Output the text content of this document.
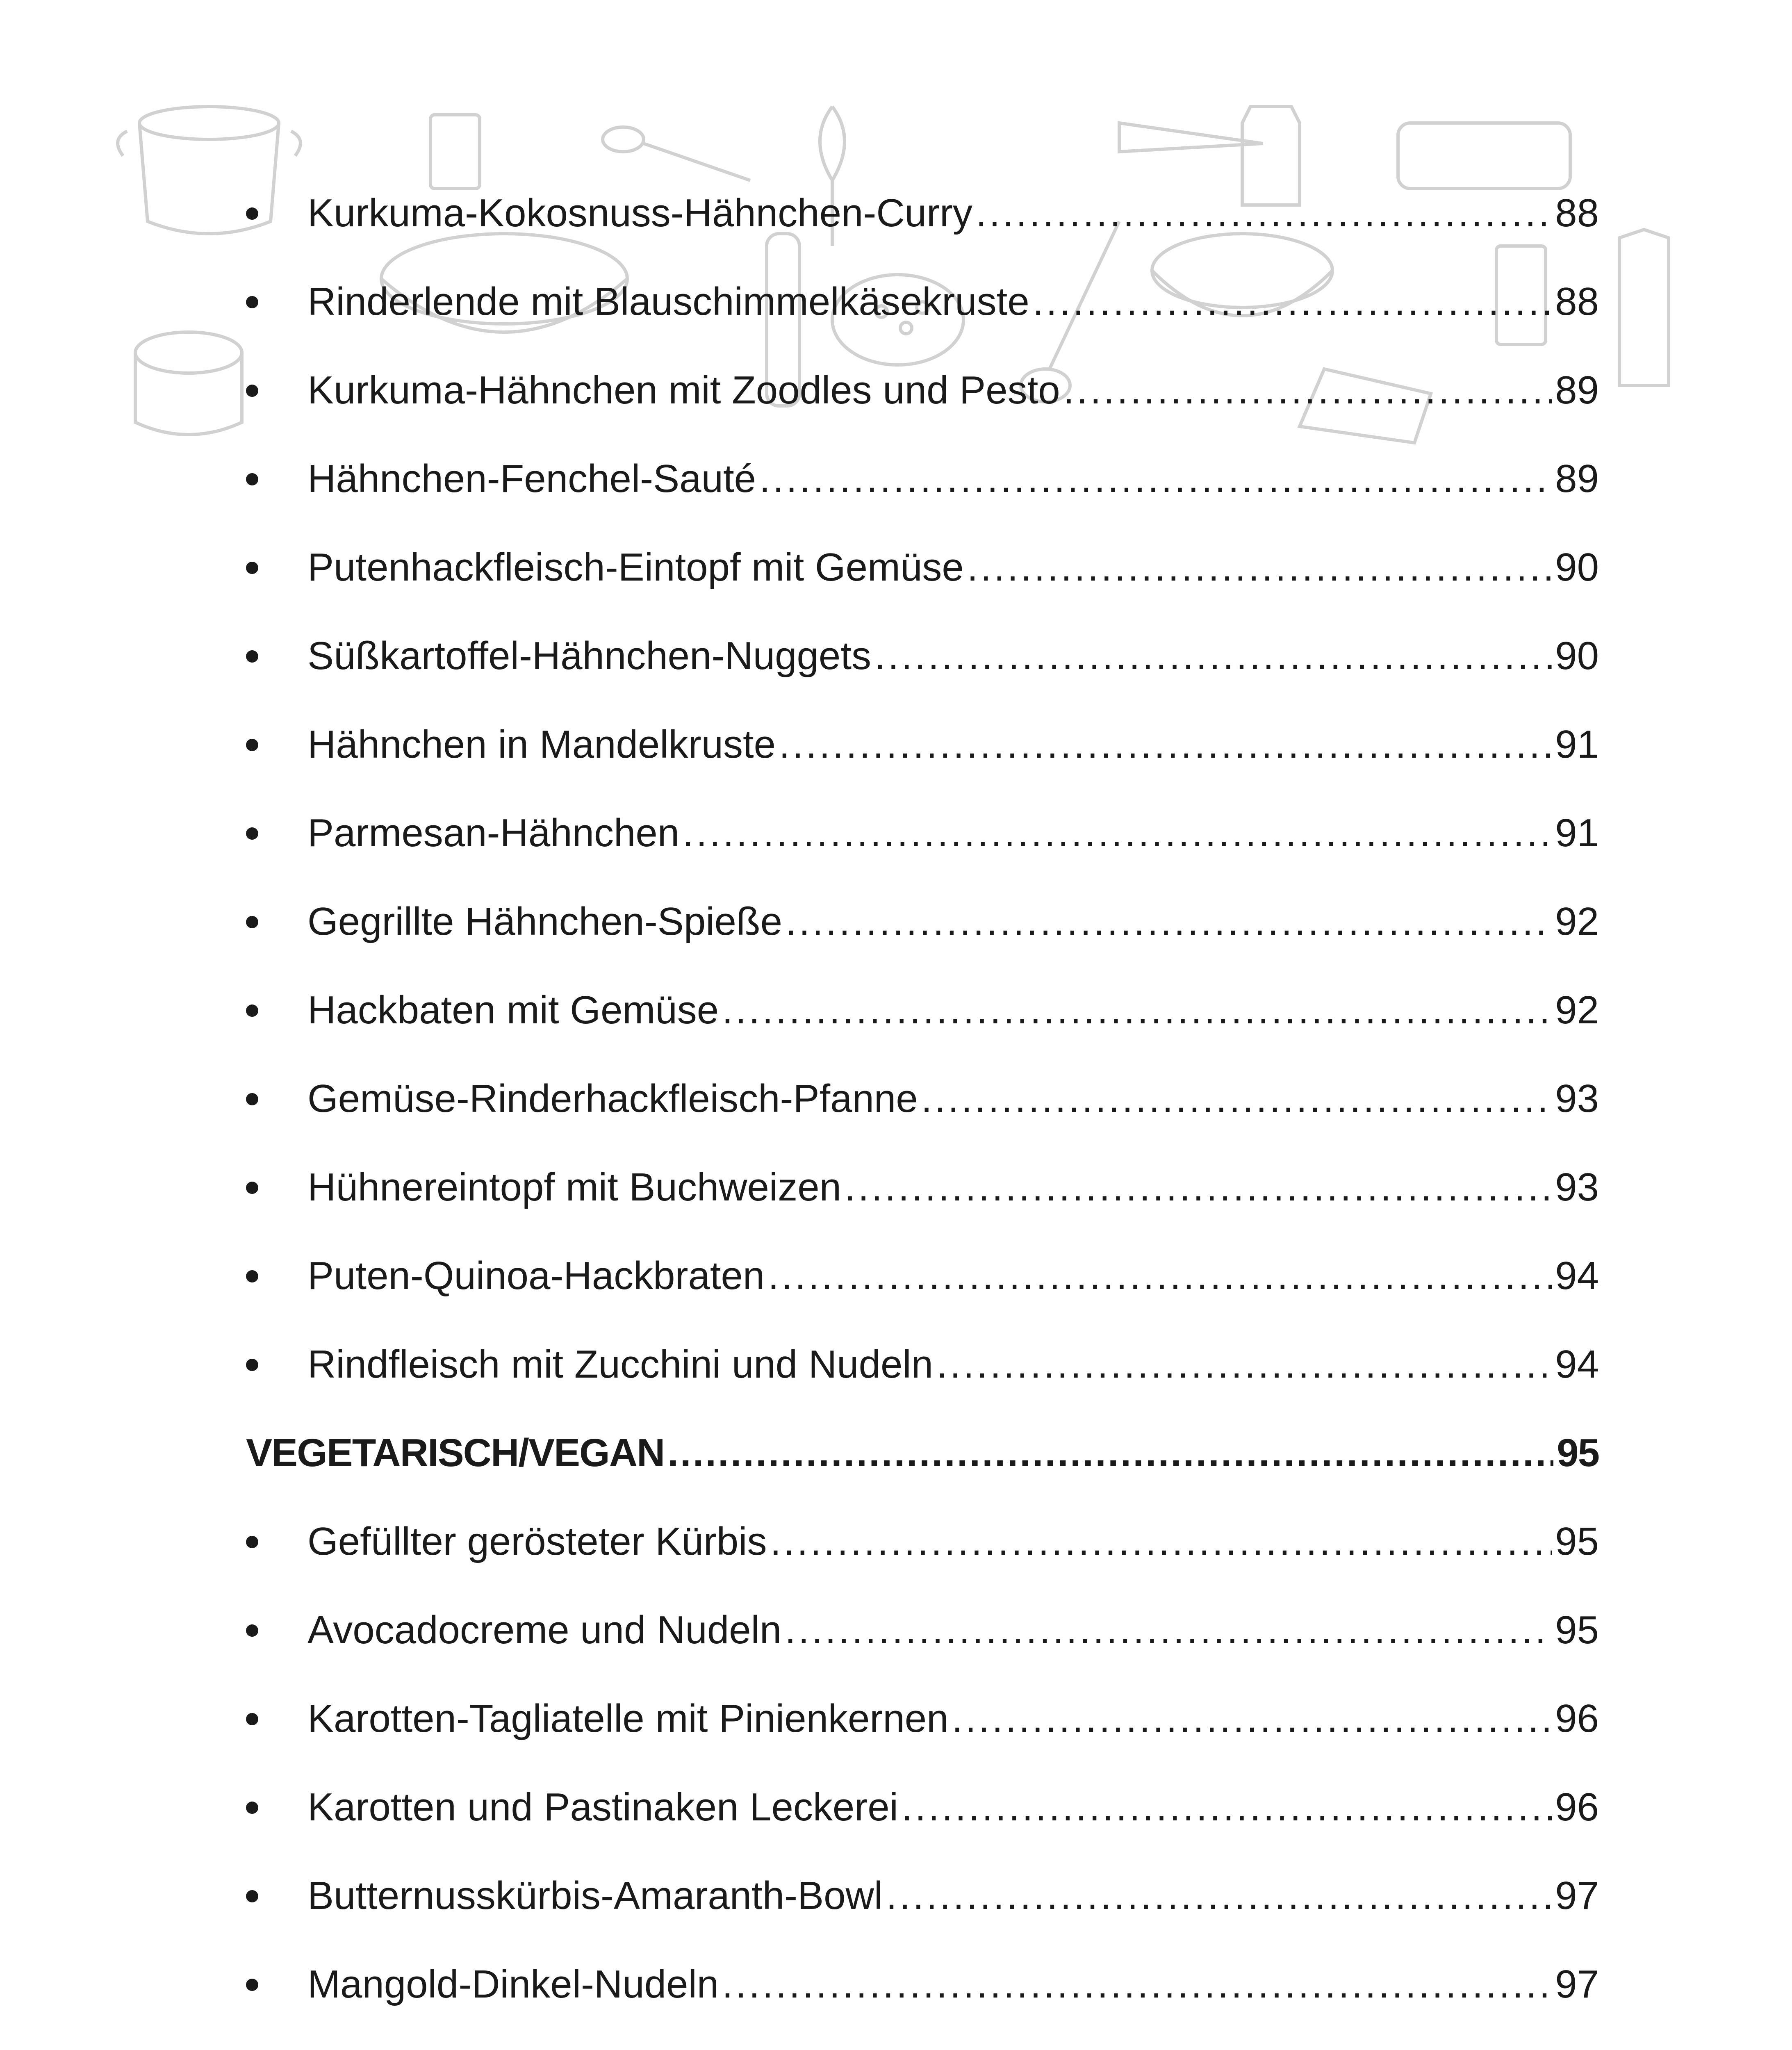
Kurkuma-Kokosnuss-Hähnchen-Curry .....	88
Rinderlende mit Blauschimmelkäsekruste .....	88
Kurkuma-Hähnchen mit Zoodles und Pesto .....	89
Hähnchen-Fenchel-Sauté .....	89
Putenhackfleisch-Eintopf mit Gemüse .....	90
Süßkartoffel-Hähnchen-Nuggets .....	90
Hähnchen in Mandelkruste .....	91
Parmesan-Hähnchen .....	91
Gegrillte Hähnchen-Spieße .....	92
Hackbaten mit Gemüse .....	92
Gemüse-Rinderhackfleisch-Pfanne .....	93
Hühnereintopf mit Buchweizen .....	93
Puten-Quinoa-Hackbraten .....	94
Rindfleisch mit Zucchini und Nudeln .....	94
VEGETARISCH/VEGAN .....	95
Gefüllter gerösteter Kürbis .....	95
Avocadocreme und Nudeln .....	95
Karotten-Tagliatelle mit Pinienkernen .....	96
Karotten und Pastinaken Leckerei .....	96
Butternusskürbis-Amaranth-Bowl .....	97
Mangold-Dinkel-Nudeln .....	97
.....
